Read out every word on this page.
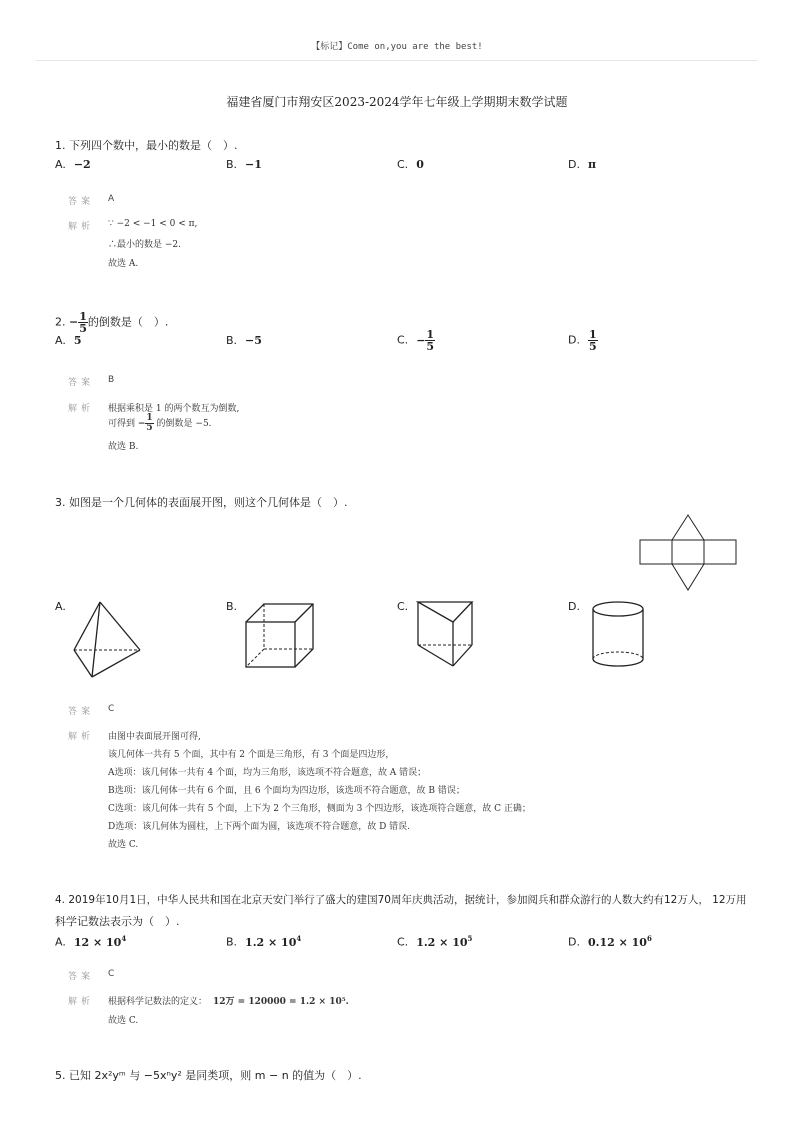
【标记】Come on,you are the best!
福建省厦门市翔安区2023-2024学年七年级上学期期末数学试题
1. 下列四个数中，最小的数是（　）.
A. −2	B. −1	C. 0	D. π
答案 A
解析 ∵ −2 < −1 < 0 < π,
∴最小的数是 −2.
故选 A.
2. − $\frac{1}{5}$ 的倒数是（　）.
A. 5	B. −5	C. − $\frac{1}{5}$	D. $\frac{1}{5}$
答案 B
解析 根据乘积是 1 的两个数互为倒数,
可得到 − $\frac{1}{5}$ 的倒数是 −5.
故选 B.
3. 如图是一个几何体的表面展开图，则这个几何体是（　）.
A.	B.	C.	D.
答案 C
解析 由图中表面展开图可得,
该几何体一共有 5 个面，其中有 2 个面是三角形，有 3 个面是四边形，
A选项：该几何体一共有 4 个面，均为三角形，该选项不符合题意，故 A 错误；
B选项：该几何体一共有 6 个面，且 6 个面均为四边形，该选项不符合题意，故 B 错误；
C选项：该几何体一共有 5 个面，上下为 2 个三角形，侧面为 3 个四边形，该选项符合题意，故 C 正确；
D选项：该几何体为圆柱，上下两个面为圆，该选项不符合题意，故 D 错误.
故选 C.
4. 2019年10月1日，中华人民共和国在北京天安门举行了盛大的建国70周年庆典活动，据统计，参加阅兵和群众游行的人数大约有12万人， 12万用
科学记数法表示为（　）.
A. $12 \times 10^4$	B. $1.2 \times 10^4$	C. $1.2 \times 10^5$	D. $0.12 \times 10^6$
答案 C
解析 根据科学记数法的定义： 12万 = 120000 = 1.2 × 10⁵.
故选 C.
5. 已知 2x²yᵐ 与 −5xⁿy² 是同类项，则 m − n 的值为（　）.
